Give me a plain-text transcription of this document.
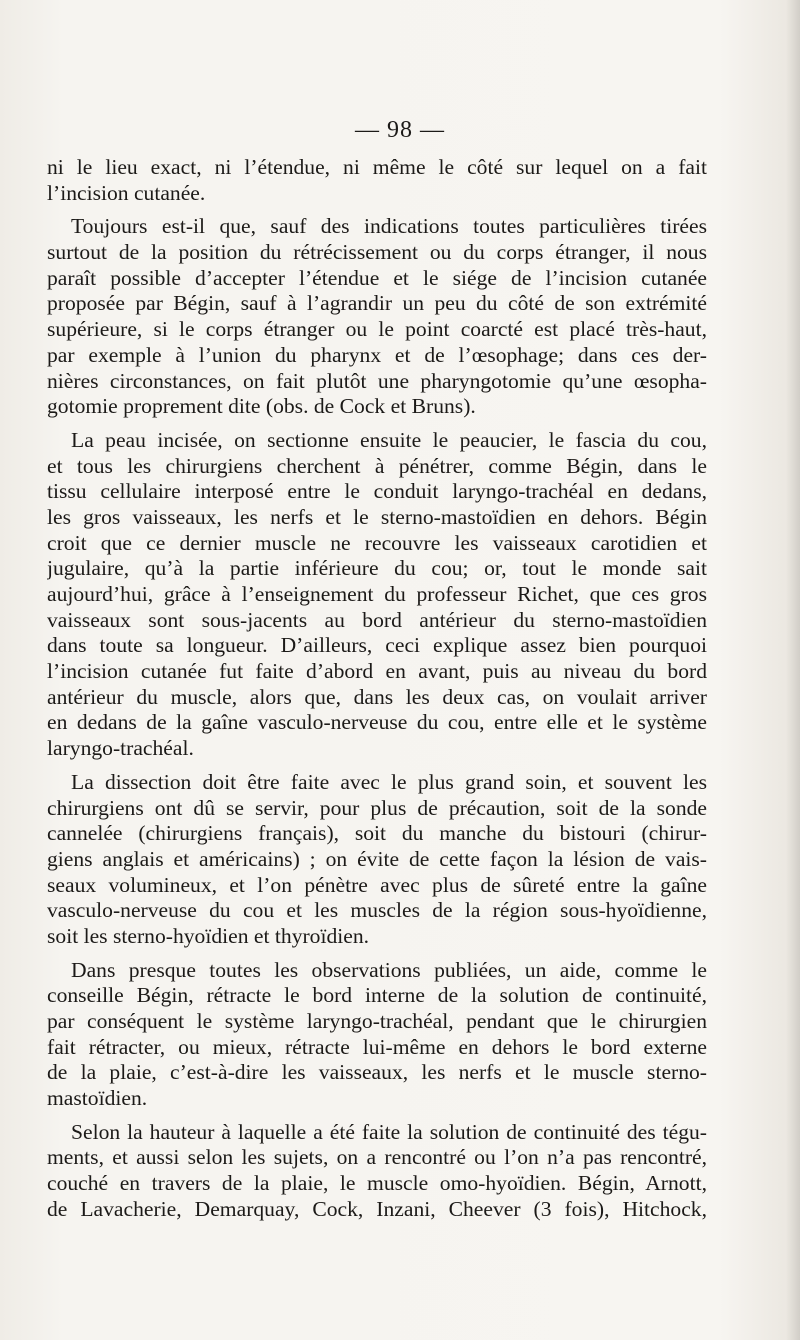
— 98 —
ni le lieu exact, ni l’étendue, ni même le côté sur lequel on a fait
l’incision cutanée.
Toujours est-il que, sauf des indications toutes particulières tirées
surtout de la position du rétrécissement ou du corps étranger, il nous
paraît possible d’accepter l’étendue et le siége de l’incision cutanée
proposée par Bégin, sauf à l’agrandir un peu du côté de son extrémité
supérieure, si le corps étranger ou le point coarcté est placé très-haut,
par exemple à l’union du pharynx et de l’œsophage; dans ces der-
nières circonstances, on fait plutôt une pharyngotomie qu’une œsopha-
gotomie proprement dite (obs. de Cock et Bruns).
La peau incisée, on sectionne ensuite le peaucier, le fascia du cou,
et tous les chirurgiens cherchent à pénétrer, comme Bégin, dans le
tissu cellulaire interposé entre le conduit laryngo-trachéal en dedans,
les gros vaisseaux, les nerfs et le sterno-mastoïdien en dehors. Bégin
croit que ce dernier muscle ne recouvre les vaisseaux carotidien et
jugulaire, qu’à la partie inférieure du cou; or, tout le monde sait
aujourd’hui, grâce à l’enseignement du professeur Richet, que ces gros
vaisseaux sont sous-jacents au bord antérieur du sterno-mastoïdien
dans toute sa longueur. D’ailleurs, ceci explique assez bien pourquoi
l’incision cutanée fut faite d’abord en avant, puis au niveau du bord
antérieur du muscle, alors que, dans les deux cas, on voulait arriver
en dedans de la gaîne vasculo-nerveuse du cou, entre elle et le système
laryngo-trachéal.
La dissection doit être faite avec le plus grand soin, et souvent les
chirurgiens ont dû se servir, pour plus de précaution, soit de la sonde
cannelée (chirurgiens français), soit du manche du bistouri (chirur-
giens anglais et américains) ; on évite de cette façon la lésion de vais-
seaux volumineux, et l’on pénètre avec plus de sûreté entre la gaîne
vasculo-nerveuse du cou et les muscles de la région sous-hyoïdienne,
soit les sterno-hyoïdien et thyroïdien.
Dans presque toutes les observations publiées, un aide, comme le
conseille Bégin, rétracte le bord interne de la solution de continuité,
par conséquent le système laryngo-trachéal, pendant que le chirurgien
fait rétracter, ou mieux, rétracte lui-même en dehors le bord externe
de la plaie, c’est-à-dire les vaisseaux, les nerfs et le muscle sterno-
mastoïdien.
Selon la hauteur à laquelle a été faite la solution de continuité des tégu-
ments, et aussi selon les sujets, on a rencontré ou l’on n’a pas rencontré,
couché en travers de la plaie, le muscle omo-hyoïdien. Bégin, Arnott,
de Lavacherie, Demarquay, Cock, Inzani, Cheever (3 fois), Hitchock,
